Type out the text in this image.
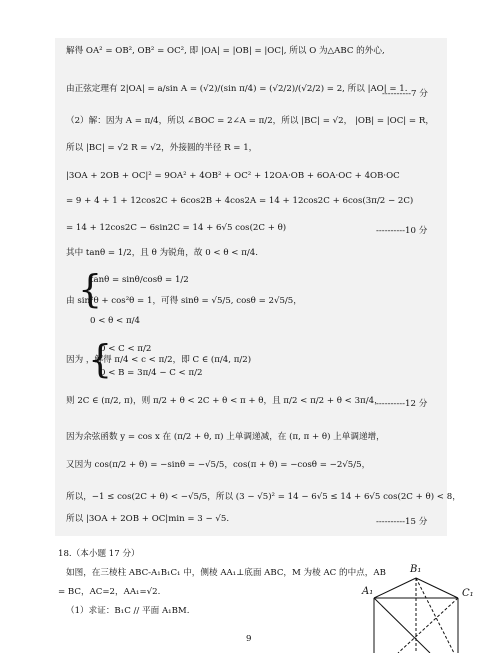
解得 OA² = OB², OB² = OC², 即 |OA| = |OB| = |OC|, 所以 O 为△ABC 的外心,
由正弦定理有 2|OA| = a/sin A = (√2)/(sin π/4) = (√2/2)/(√2/2) = 2, 所以 |AO| = 1.
（2）解：因为 A = π/4，所以 ∠BOC = 2∠A = π/2，所以 |BC| = √2， |OB| = |OC| = R，
所以 |BC| = √2 R = √2，外接圆的半径 R = 1，
|3OA + 2OB + OC|² = 9OA² + 4OB² + OC² + 12OA·OB + 6OA·OC + 4OB·OC
= 9 + 4 + 1 + 12cos2C + 6cos2B + 4cos2A = 14 + 12cos2C + 6cos(3π/2 − 2C)
= 14 + 12cos2C − 6sin2C = 14 + 6√5 cos(2C + θ)
其中 tanθ = 1/2，且 θ 为锐角，故 0 < θ < π/4.
{
tanθ = sinθ/cosθ = 1/2
由 sin²θ + cos²θ = 1，可得 sinθ = √5/5, cosθ = 2√5/5，
0 < θ < π/4
{
0 < C < π/2
因为 ，解得 π/4 < c < π/2，即 C ∈ (π/4, π/2)
0 < B = 3π/4 − C < π/2
则 2C ∈ (π/2, π)，则 π/2 + θ < 2C + θ < π + θ，且 π/2 < π/2 + θ < 3π/4，
因为余弦函数 y = cos x 在 (π/2 + θ, π) 上单调递减，在 (π, π + θ) 上单调递增，
又因为 cos(π/2 + θ) = −sinθ = −√5/5，cos(π + θ) = −cosθ = −2√5/5，
所以，−1 ≤ cos(2C + θ) < −√5/5，所以 (3 − √5)² = 14 − 6√5 ≤ 14 + 6√5 cos(2C + θ) < 8，
所以 |3OA + 2OB + OC|min = 3 − √5.
----------7 分
----------10 分
----------12 分
----------15 分
18.（本小题 17 分）
如图，在三棱柱 ABC-A₁B₁C₁ 中，侧棱 AA₁⊥底面 ABC，M 为棱 AC 的中点，AB
= BC，AC=2，AA₁=√2.
（1）求证：B₁C // 平面 A₁BM.
A₁
B₁
C₁
9
